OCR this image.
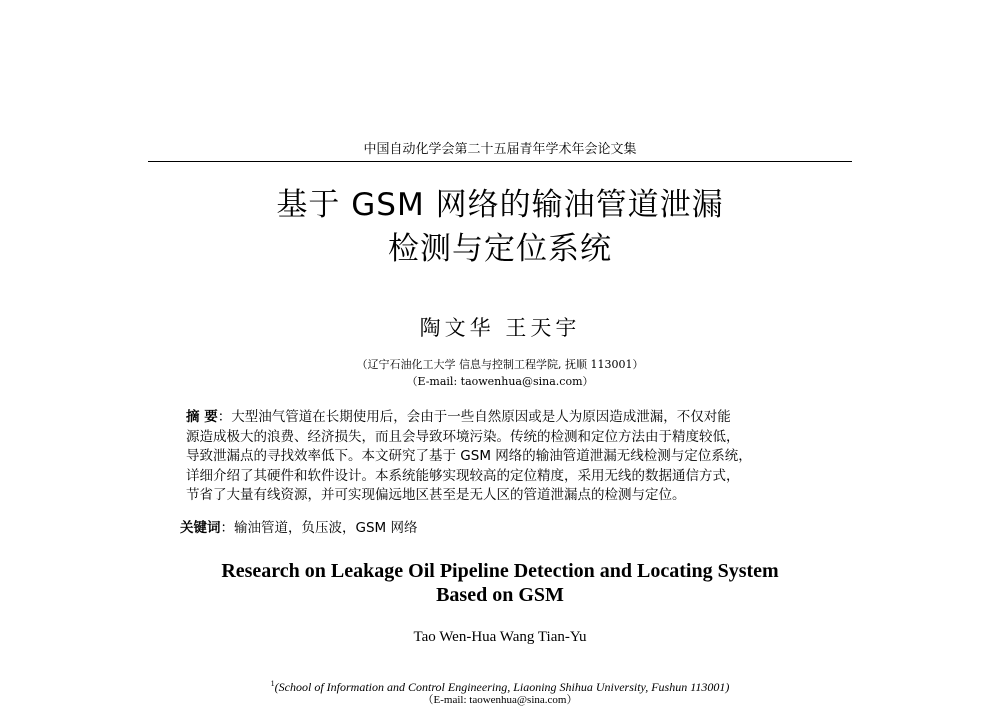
中国自动化学会第二十五届青年学术年会论文集
基于 GSM 网络的输油管道泄漏
检测与定位系统
陶文华 王天宇
（辽宁石油化工大学 信息与控制工程学院, 抚顺 113001）
（E-mail: taowenhua@sina.com）

摘 要：大型油气管道在长期使用后，会由于一些自然原因或是人为原因造成泄漏，不仅对能

源造成极大的浪费、经济损失，而且会导致环境污染。传统的检测和定位方法由于精度较低，

导致泄漏点的寻找效率低下。本文研究了基于 GSM 网络的输油管道泄漏无线检测与定位系统，

详细介绍了其硬件和软件设计。本系统能够实现较高的定位精度，采用无线的数据通信方式，

节省了大量有线资源，并可实现偏远地区甚至是无人区的管道泄漏点的检测与定位。

关键词：输油管道，负压波，GSM 网络
Research on Leakage Oil Pipeline Detection and Locating System
Based on GSM
Tao Wen-Hua Wang Tian-Yu
$^1$(School of Information and Control Engineering, Liaoning Shihua University, Fushun 113001)
（E-mail: taowenhua@sina.com）
